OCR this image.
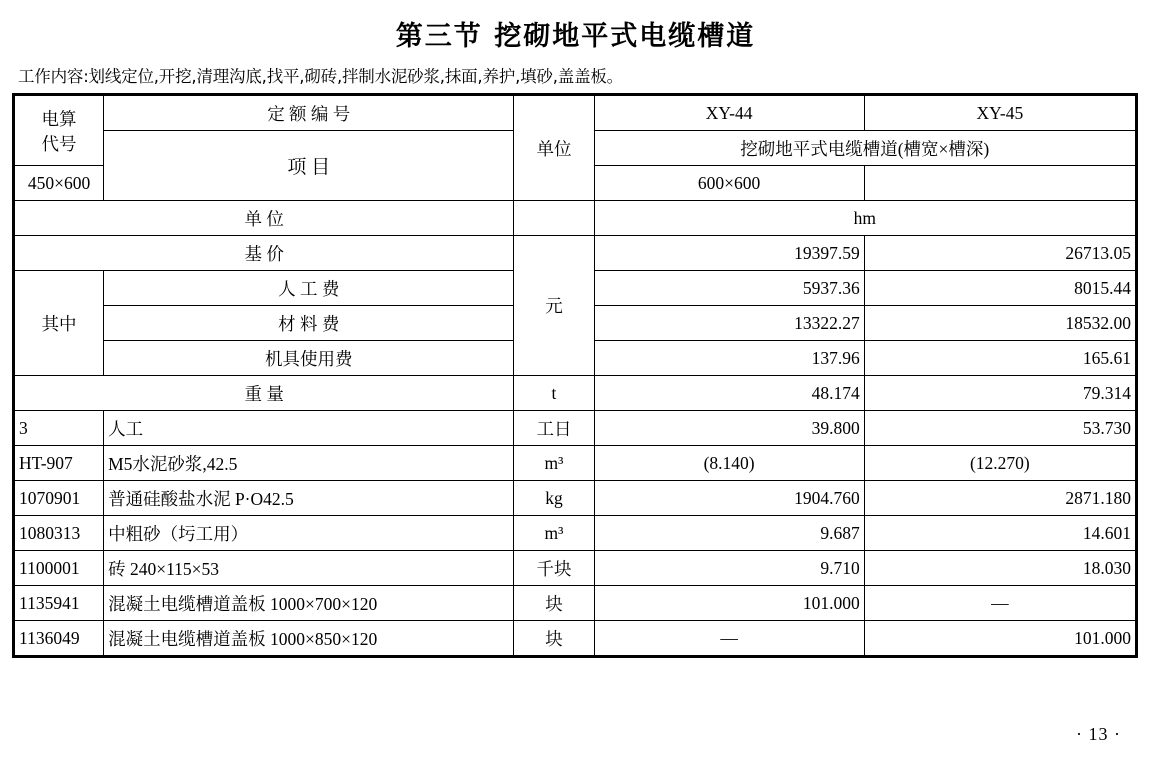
第三节 挖砌地平式电缆槽道
工作内容:划线定位,开挖,清理沟底,找平,砌砖,拌制水泥砂浆,抹面,养护,填砂,盖盖板。
电算
代号	定 额 编 号	单位	XY-44	XY-45
	项 目		挖砌地平式电缆槽道(槽宽×槽深)	
450×600			600×600	
单 位			hm	
基 价		元	19397.59	26713.05
其中	人 工 费		5937.36	8015.44
	材 料 费		13322.27	18532.00
	机具使用费		137.96	165.61
重 量		t	48.174	79.314
3	人工	工日	39.800	53.730
HT-907	M5水泥砂浆,42.5	m³	(8.140)	(12.270)
1070901	普通硅酸盐水泥 P·O42.5	kg	1904.760	2871.180
1080313	中粗砂（圬工用）	m³	9.687	14.601
1100001	砖 240×115×53	千块	9.710	18.030
1135941	混凝土电缆槽道盖板 1000×700×120	块	101.000	—
1136049	混凝土电缆槽道盖板 1000×850×120	块	—	101.000
· 13 ·
